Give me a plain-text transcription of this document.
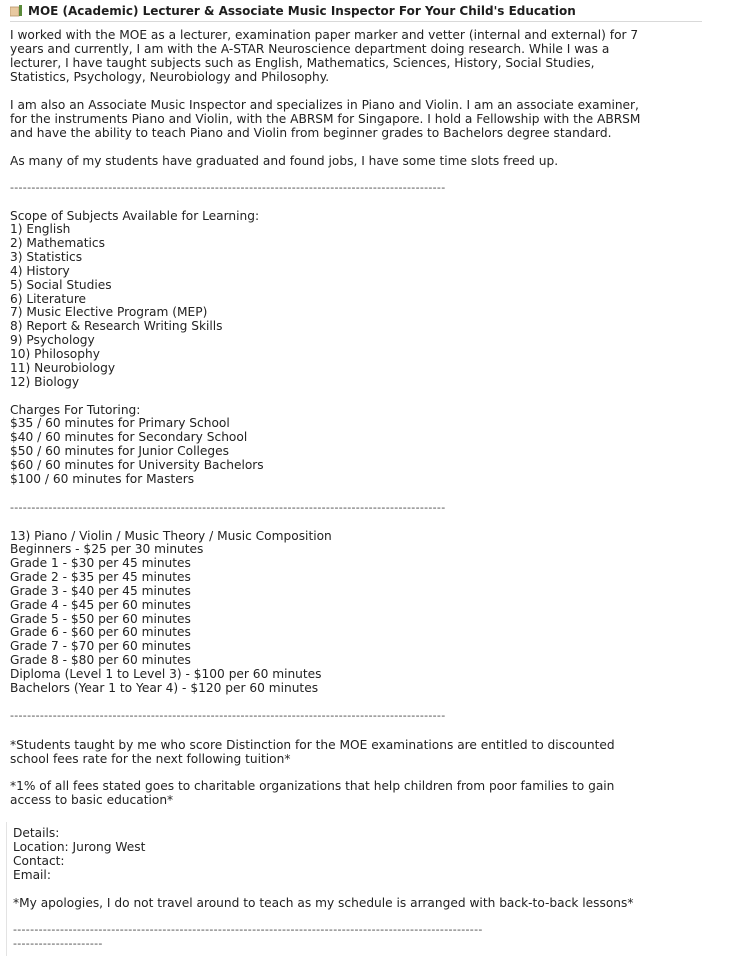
MOE (Academic) Lecturer & Associate Music Inspector For Your Child's Education

I worked with the MOE as a lecturer, examination paper marker and vetter (internal and external) for 7 years and currently, I am with the A-STAR Neuroscience department doing research. While I was a lecturer, I have taught subjects such as English, Mathematics, Sciences, History, Social Studies, Statistics, Psychology, Neurobiology and Philosophy.

I am also an Associate Music Inspector and specializes in Piano and Violin. I am an associate examiner, for the instruments Piano and Violin, with the ABRSM for Singapore. I hold a Fellowship with the ABRSM and have the ability to teach Piano and Violin from beginner grades to Bachelors degree standard.

As many of my students have graduated and found jobs, I have some time slots freed up.

------------------------------------------------------------------------------------------------------

Scope of Subjects Available for Learning:

1) English
2) Mathematics
3) Statistics
4) History
5) Social Studies
6) Literature
7) Music Elective Program (MEP)
8) Report & Research Writing Skills
9) Psychology
10) Philosophy
11) Neurobiology
12) Biology

Charges For Tutoring:

$35 / 60 minutes for Primary School
$40 / 60 minutes for Secondary School
$50 / 60 minutes for Junior Colleges
$60 / 60 minutes for University Bachelors
$100 / 60 minutes for Masters
------------------------------------------------------------------------------------------------------

13) Piano / Violin / Music Theory / Music Composition

Beginners - $25 per 30 minutes
Grade 1 - $30 per 45 minutes
Grade 2 - $35 per 45 minutes
Grade 3 - $40 per 45 minutes
Grade 4 - $45 per 60 minutes
Grade 5 - $50 per 60 minutes
Grade 6 - $60 per 60 minutes
Grade 7 - $70 per 60 minutes
Grade 8 - $80 per 60 minutes
Diploma (Level 1 to Level 3) - $100 per 60 minutes
Bachelors (Year 1 to Year 4) - $120 per 60 minutes
------------------------------------------------------------------------------------------------------

*Students taught by me who score Distinction for the MOE examinations are entitled to discounted school fees rate for the next following tuition*

*1% of all fees stated goes to charitable organizations that help children from poor families to gain access to basic education*

Details:

Location: Jurong West

Contact:

Email:

*My apologies, I do not travel around to teach as my schedule is arranged with back-to-back lessons*

--------------------------------------------------------------------------------------------------------------
---------------------
